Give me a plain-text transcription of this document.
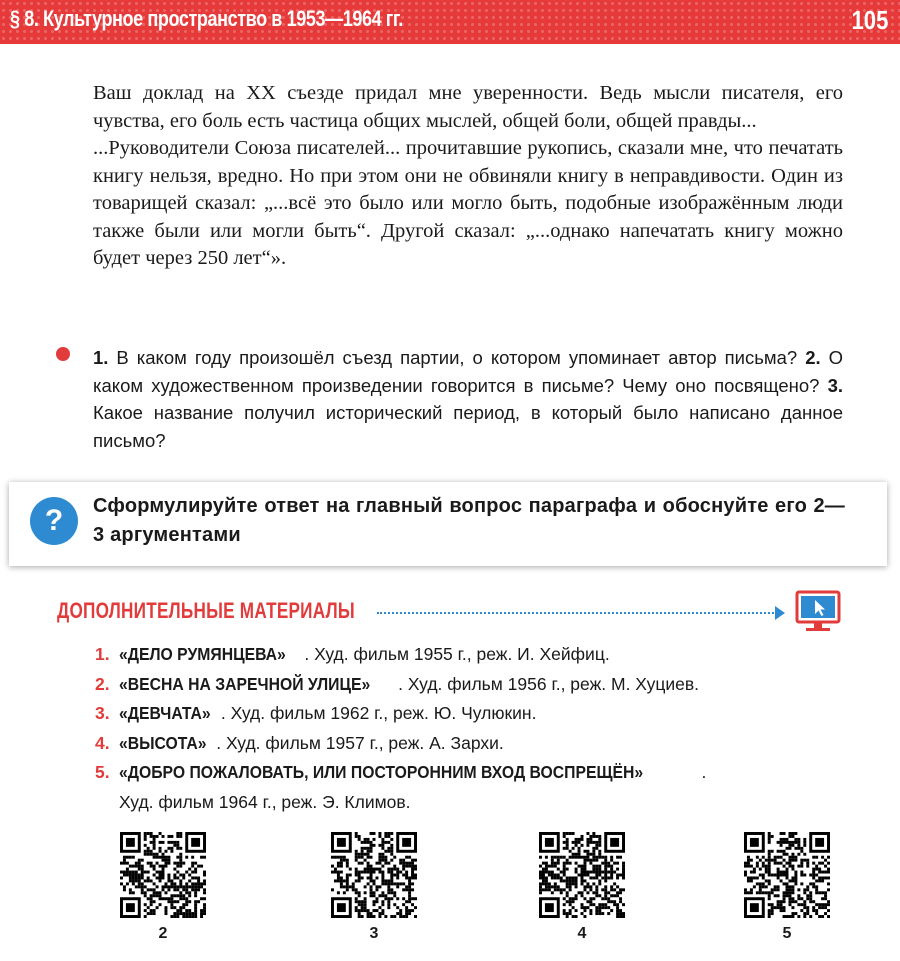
§ 8. Культурное пространство в 1953—1964 гг.	105

Ваш доклад на XX съезде придал мне уверенности. Ведь мысли писателя, его чувства, его боль есть частица общих мыслей, общей боли, общей правды...

...Руководители Союза писателей... прочитавшие рукопись, сказали мне, что печатать книгу нельзя, вредно. Но при этом они не обвиняли книгу в неправдивости. Один из товарищей сказал: „...всё это было или могло быть, подобные изображённым люди также были или могли быть“. Другой сказал: „...однако напечатать книгу можно будет через 250 лет“».

1. В каком году произошёл съезд партии, о котором упоминает автор письма? 2. О каком художественном произведении говорится в письме? Чему оно посвящено? 3. Какое название получил исторический период, в который было написано данное письмо?
?	Сформулируйте ответ на главный вопрос параграфа и обоснуйте его 2—3 аргументами
ДОПОЛНИТЕЛЬНЫЕ МАТЕРИАЛЫ
1. «ДЕЛО РУМЯНЦЕВА» . Худ. фильм 1955 г., реж. И. Хейфиц.
2. «ВЕСНА НА ЗАРЕЧНОЙ УЛИЦЕ» . Худ. фильм 1956 г., реж. М. Хуциев.
3. «ДЕВЧАТА» . Худ. фильм 1962 г., реж. Ю. Чулюкин.
4. «ВЫСОТА» . Худ. фильм 1957 г., реж. А. Зархи.
5. «ДОБРО ПОЖАЛОВАТЬ, ИЛИ ПОСТОРОННИМ ВХОД ВОСПРЕЩЁН»	.
Худ. фильм 1964 г., реж. Э. Климов.
2	3	4	5
